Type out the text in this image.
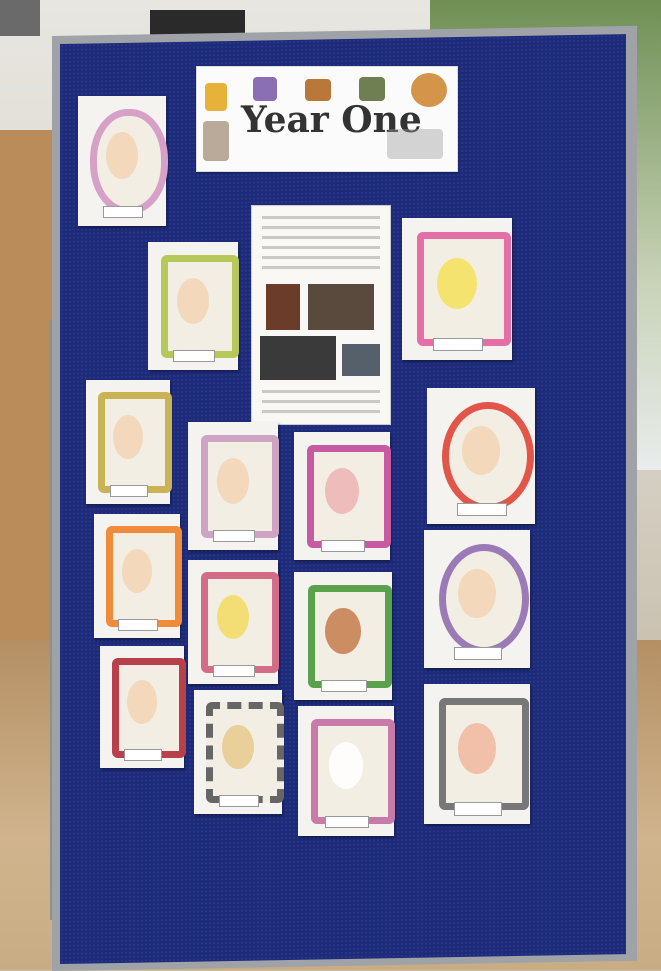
Year One
